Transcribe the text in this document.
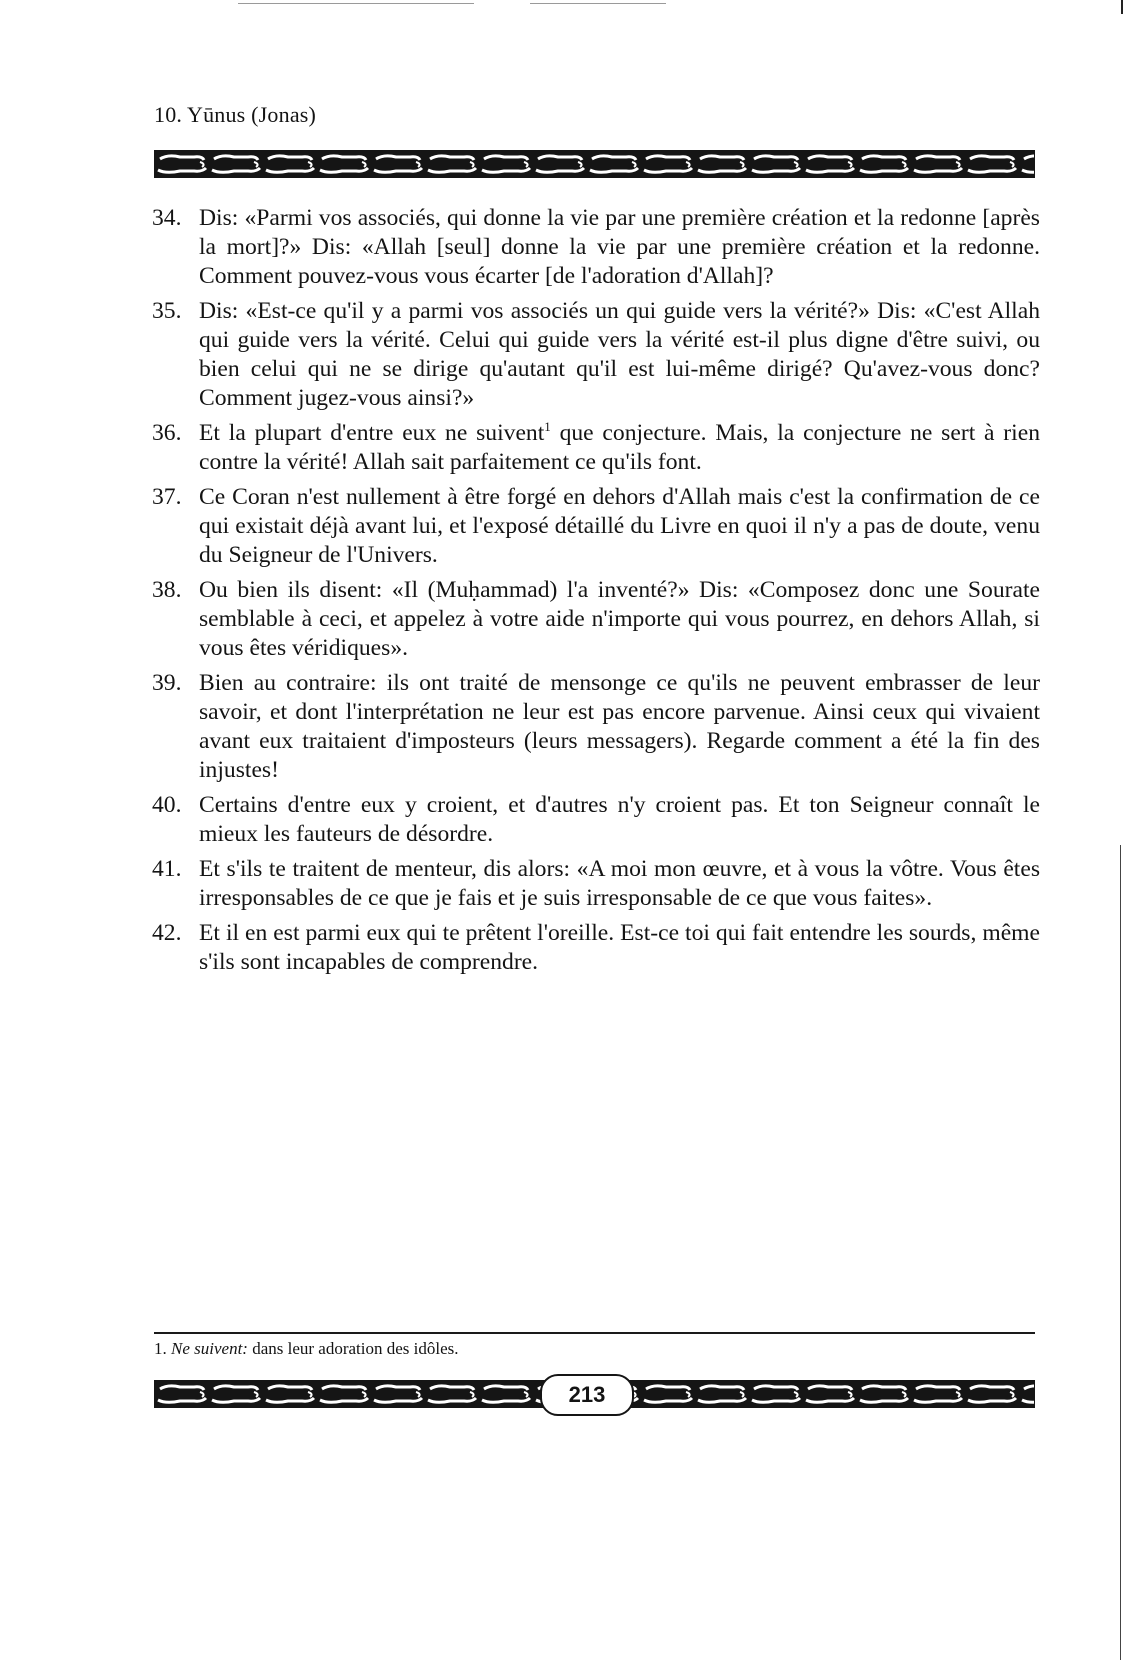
10. Yūnus (Jonas)
34. Dis: «Parmi vos associés, qui donne la vie par une première création et la redonne [après la mort]?» Dis: «Allah [seul] donne la vie par une première création et la redonne. Comment pouvez-vous vous écarter [de l'adoration d'Allah]?
35. Dis: «Est-ce qu'il y a parmi vos associés un qui guide vers la vérité?» Dis: «C'est Allah qui guide vers la vérité. Celui qui guide vers la vérité est-il plus digne d'être suivi, ou bien celui qui ne se dirige qu'autant qu'il est lui-même dirigé? Qu'avez-vous donc? Comment jugez-vous ainsi?»
36. Et la plupart d'entre eux ne suivent$^1$ que conjecture. Mais, la conjecture ne sert à rien contre la vérité! Allah sait parfaitement ce qu'ils font.
37. Ce Coran n'est nullement à être forgé en dehors d'Allah mais c'est la confirmation de ce qui existait déjà avant lui, et l'exposé détaillé du Livre en quoi il n'y a pas de doute, venu du Seigneur de l'Univers.
38. Ou bien ils disent: «Il (Muḥammad) l'a inventé?» Dis: «Composez donc une Sourate semblable à ceci, et appelez à votre aide n'importe qui vous pourrez, en dehors Allah, si vous êtes véridiques».
39. Bien au contraire: ils ont traité de mensonge ce qu'ils ne peuvent embrasser de leur savoir, et dont l'interprétation ne leur est pas encore parvenue. Ainsi ceux qui vivaient avant eux traitaient d'imposteurs (leurs messagers). Regarde comment a été la fin des injustes!
40. Certains d'entre eux y croient, et d'autres n'y croient pas. Et ton Seigneur connaît le mieux les fauteurs de désordre.
41. Et s'ils te traitent de menteur, dis alors: «A moi mon œuvre, et à vous la vôtre. Vous êtes irresponsables de ce que je fais et je suis irresponsable de ce que vous faites».
42. Et il en est parmi eux qui te prêtent l'oreille. Est-ce toi qui fait entendre les sourds, même s'ils sont incapables de comprendre.
1. Ne suivent: dans leur adoration des idôles.
213
